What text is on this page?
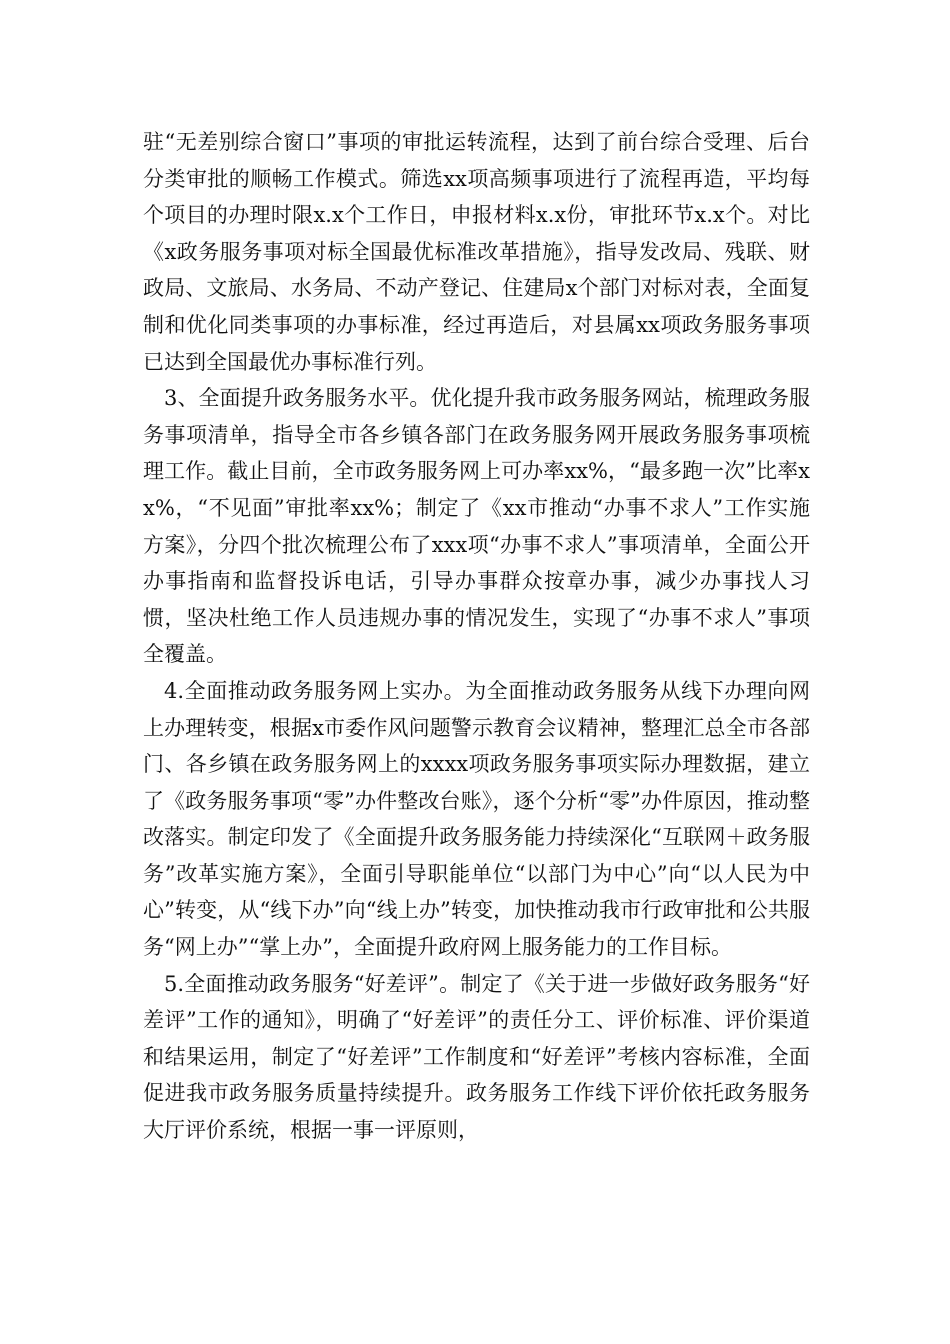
驻“无差别综合窗口”事项的审批运转流程，达到了前台综合受理、后台分类审批的顺畅工作模式。筛选xx项高频事项进行了流程再造，平均每个项目的办理时限x.x个工作日，申报材料x.x份，审批环节x.x个。对比《x政务服务事项对标全国最优标准改革措施》，指导发改局、残联、财政局、文旅局、水务局、不动产登记、住建局x个部门对标对表，全面复制和优化同类事项的办事标准，经过再造后，对县属xx项政务服务事项已达到全国最优办事标准行列。

3、全面提升政务服务水平。优化提升我市政务服务网站，梳理政务服务事项清单，指导全市各乡镇各部门在政务服务网开展政务服务事项梳理工作。截止目前，全市政务服务网上可办率xx%，“最多跑一次”比率xx%，“不见面”审批率xx%；制定了《xx市推动“办事不求人”工作实施方案》，分四个批次梳理公布了xxx项“办事不求人”事项清单，全面公开办事指南和监督投诉电话，引导办事群众按章办事，减少办事找人习惯，坚决杜绝工作人员违规办事的情况发生，实现了“办事不求人”事项全覆盖。

4.全面推动政务服务网上实办。为全面推动政务服务从线下办理向网上办理转变，根据x市委作风问题警示教育会议精神，整理汇总全市各部门、各乡镇在政务服务网上的xxxx项政务服务事项实际办理数据，建立了《政务服务事项“零”办件整改台账》，逐个分析“零”办件原因，推动整改落实。制定印发了《全面提升政务服务能力持续深化“互联网＋政务服务”改革实施方案》，全面引导职能单位“以部门为中心”向“以人民为中心”转变，从“线下办”向“线上办”转变，加快推动我市行政审批和公共服务“网上办”“掌上办”，全面提升政府网上服务能力的工作目标。

5.全面推动政务服务“好差评”。制定了《关于进一步做好政务服务“好差评”工作的通知》，明确了“好差评”的责任分工、评价标准、评价渠道和结果运用，制定了“好差评”工作制度和“好差评”考核内容标准，全面促进我市政务服务质量持续提升。政务服务工作线下评价依托政务服务大厅评价系统，根据一事一评原则，
